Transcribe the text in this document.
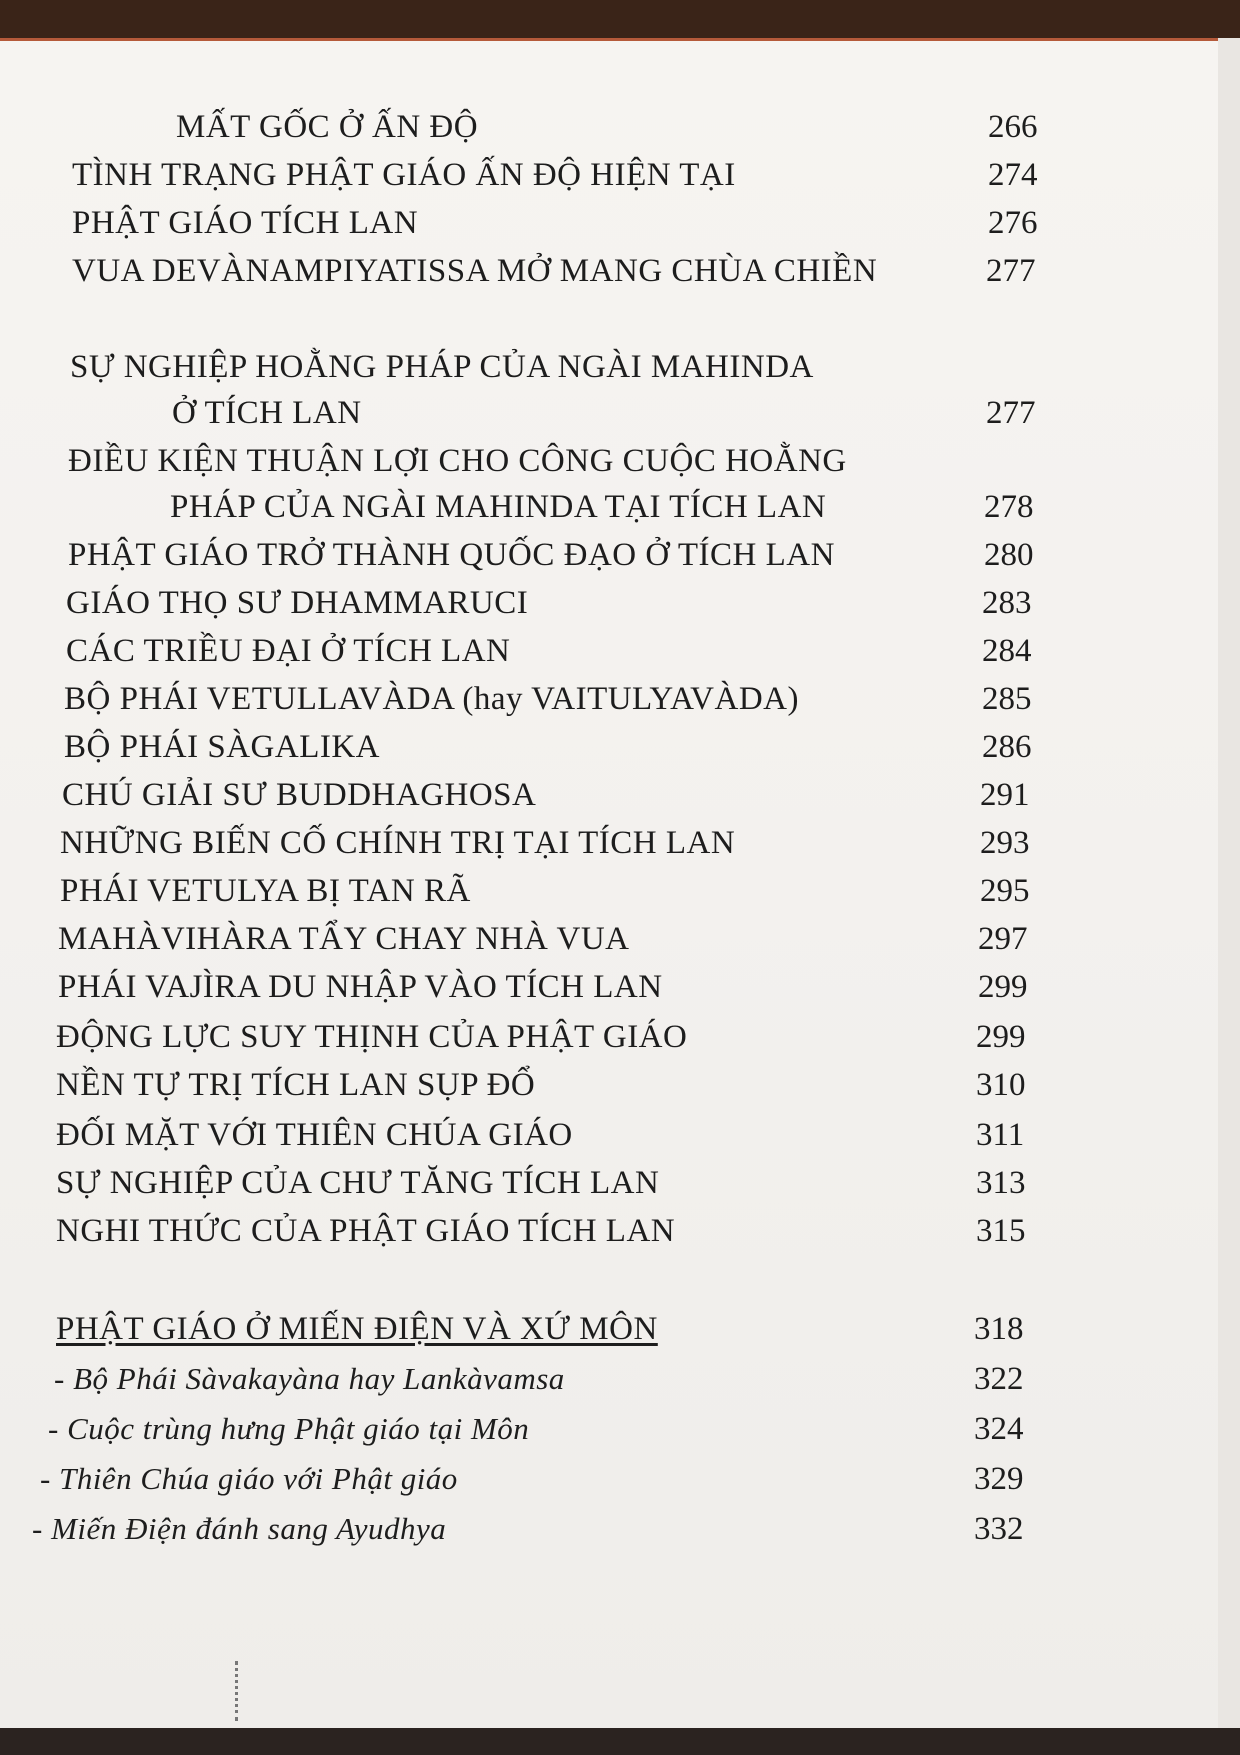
MẤT GỐC Ở ẤN ĐỘ	266
TÌNH TRẠNG PHẬT GIÁO ẤN ĐỘ HIỆN TẠI	274
PHẬT GIÁO TÍCH LAN	276
VUA DEVÀNAMPIYATISSA MỞ MANG CHÙA CHIỀN	277
SỰ NGHIỆP HOẰNG PHÁP CỦA NGÀI MAHINDA
Ở TÍCH LAN	277
ĐIỀU KIỆN THUẬN LỢI CHO CÔNG CUỘC HOẰNG
PHÁP CỦA NGÀI MAHINDA TẠI TÍCH LAN	278
PHẬT GIÁO TRỞ THÀNH QUỐC ĐẠO Ở TÍCH LAN	280
GIÁO THỌ SƯ DHAMMARUCI	283
CÁC TRIỀU ĐẠI Ở TÍCH LAN	284
BỘ PHÁI VETULLAVÀDA (hay VAITULYAVÀDA)	285
BỘ PHÁI SÀGALIKA	286
CHÚ GIẢI SƯ BUDDHAGHOSA	291
NHỮNG BIẾN CỐ CHÍNH TRỊ TẠI TÍCH LAN	293
PHÁI VETULYA BỊ TAN RÃ	295
MAHÀVIHÀRA TẨY CHAY NHÀ VUA	297
PHÁI VAJÌRA DU NHẬP VÀO TÍCH LAN	299
ĐỘNG LỰC SUY THỊNH CỦA PHẬT GIÁO	299
NỀN TỰ TRỊ TÍCH LAN SỤP ĐỔ	310
ĐỐI MẶT VỚI THIÊN CHÚA GIÁO	311
SỰ NGHIỆP CỦA CHƯ TĂNG TÍCH LAN	313
NGHI THỨC CỦA PHẬT GIÁO TÍCH LAN	315
PHẬT GIÁO Ở MIẾN ĐIỆN VÀ XỨ MÔN	318
- Bộ Phái Sàvakayàna hay Lankàvamsa	322
- Cuộc trùng hưng Phật giáo tại Môn	324
- Thiên Chúa giáo với Phật giáo	329
- Miến Điện đánh sang Ayudhya	332
